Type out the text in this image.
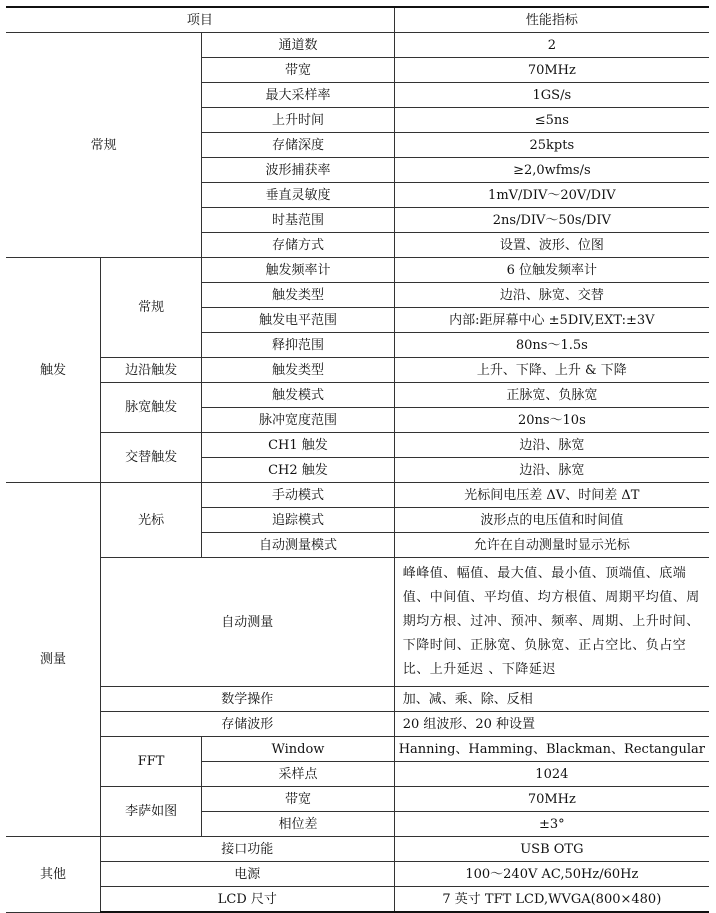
项目			性能指标
常规		通道数	2
		带宽	70MHz
		最大采样率	1GS/s
		上升时间	≤5ns
		存储深度	25kpts
		波形捕获率	≥2,0wfms/s
		垂直灵敏度	1mV/DIV～20V/DIV
		时基范围	2ns/DIV～50s/DIV
		存储方式	设置、波形、位图
触发	常规	触发频率计	6 位触发频率计
		触发类型	边沿、脉宽、交替
		触发电平范围	内部:距屏幕中心 ±5DIV,EXT:±3V
		释抑范围	80ns～1.5s
	边沿触发	触发类型	上升、下降、上升 & 下降
	脉宽触发	触发模式	正脉宽、负脉宽
		脉冲宽度范围	20ns～10s
	交替触发	CH1 触发	边沿、脉宽
		CH2 触发	边沿、脉宽
测量	光标	手动模式	光标间电压差 ΔV、时间差 ΔT
		追踪模式	波形点的电压值和时间值
		自动测量模式	允许在自动测量时显示光标
	自动测量		峰峰值、幅值、最大值、最小值、顶端值、底端值、中间值、平均值、均方根值、周期平均值、周期均方根、过冲、预冲、频率、周期、上升时间、下降时间、正脉宽、负脉宽、正占空比、负占空比、上升延迟 、下降延迟
	数学操作		加、减、乘、除、反相
	存储波形		20 组波形、20 种设置
	FFT	Window	Hanning、Hamming、Blackman、Rectangular
		采样点	1024
	李萨如图	带宽	70MHz
		相位差	±3°
其他	接口功能		USB OTG
	电源		100～240V AC,50Hz/60Hz
	LCD 尺寸		7 英寸 TFT LCD,WVGA(800×480)
